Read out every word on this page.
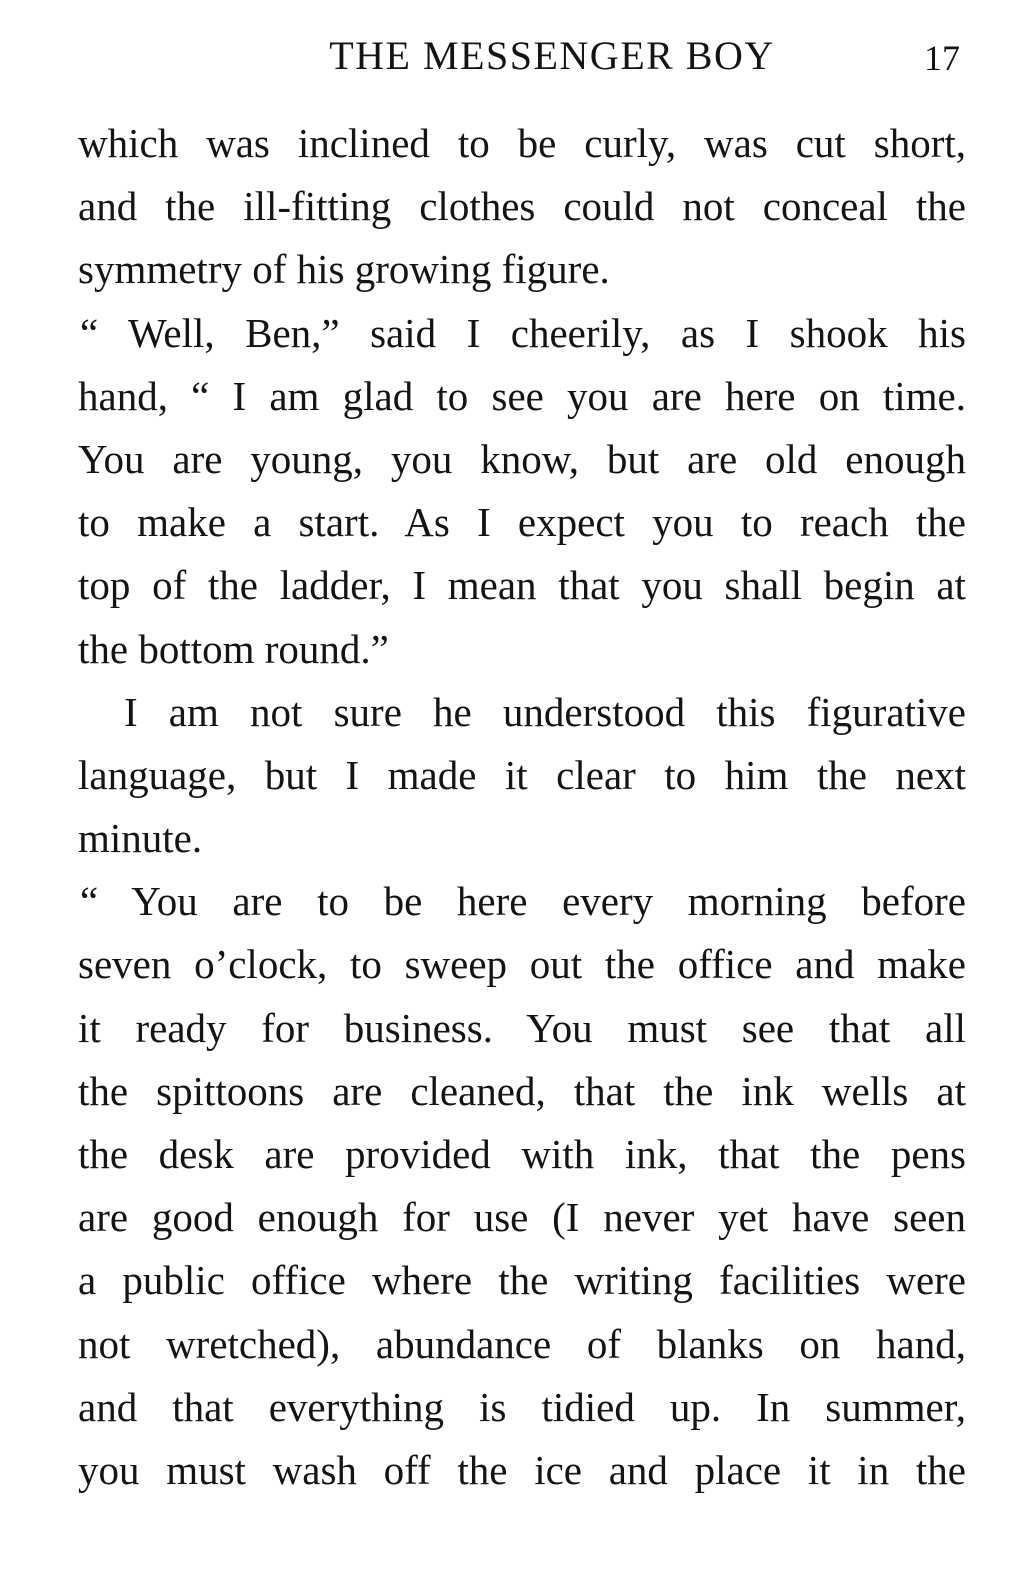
THE MESSENGER BOY	17
which was inclined to be curly, was cut short,
and the ill-fitting clothes could not conceal the
symmetry of his growing figure.
“ Well, Ben,” said I cheerily, as I shook his
hand, “ I am glad to see you are here on time.
You are young, you know, but are old enough
to make a start. As I expect you to reach the
top of the ladder, I mean that you shall begin at
the bottom round.”
I am not sure he understood this figurative
language, but I made it clear to him the next
minute.
“ You are to be here every morning before
seven o’clock, to sweep out the office and make
it ready for business. You must see that all
the spittoons are cleaned, that the ink wells at
the desk are provided with ink, that the pens
are good enough for use (I never yet have seen
a public office where the writing facilities were
not wretched), abundance of blanks on hand,
and that everything is tidied up. In summer,
you must wash off the ice and place it in the
